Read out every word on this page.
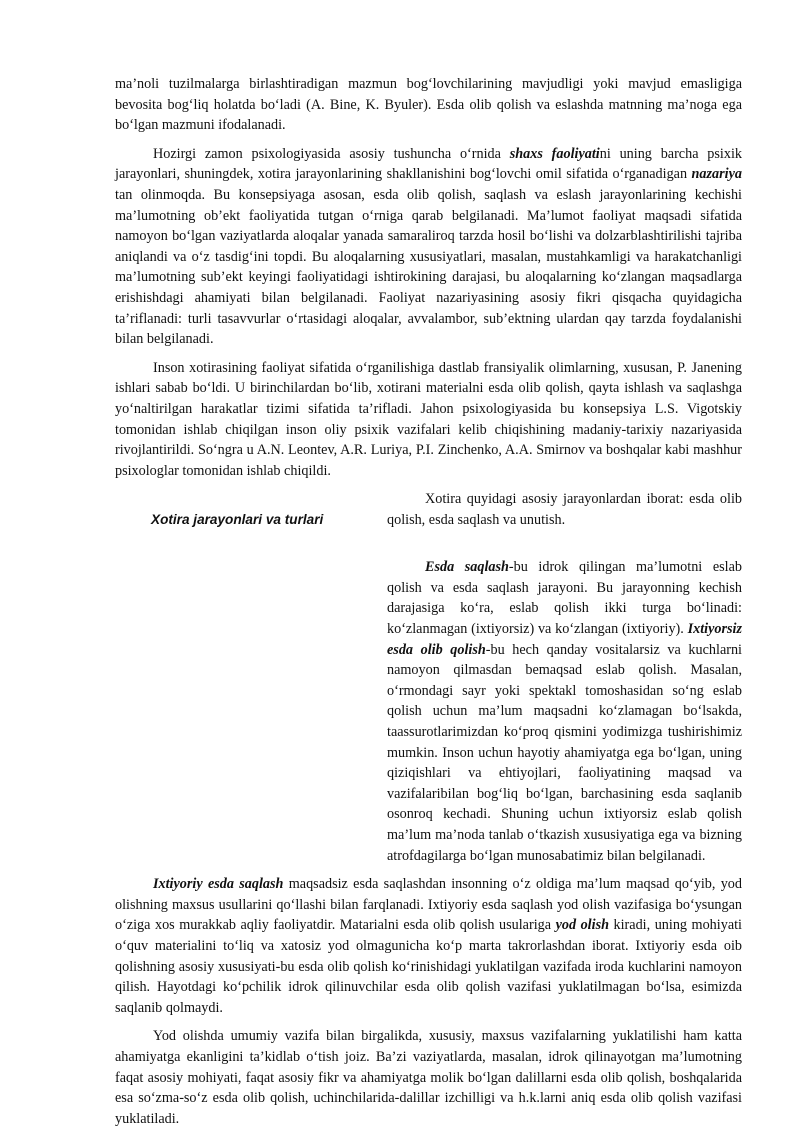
ma’noli tuzilmalarga birlashtiradigan mazmun bog‘lovchilarining mavjudligi yoki mavjud emasligiga bevosita bog‘liq holatda bo‘ladi (A. Bine, K. Byuler). Esda olib qolish va eslashda matnning ma’noga ega bo‘lgan mazmuni ifodalanadi.

Hozirgi zamon psixologiyasida asosiy tushuncha o‘rnida shaxs faoliyatini uning barcha psixik jarayonlari, shuningdek, xotira jarayonlarining shakllanishini bog‘lovchi omil sifatida o‘rganadigan nazariya tan olinmoqda. Bu konsepsiyaga asosan, esda olib qolish, saqlash va eslash jarayonlarining kechishi ma’lumotning ob’ekt faoliyatida tutgan o‘rniga qarab belgilanadi. Ma’lumot faoliyat maqsadi sifatida namoyon bo‘lgan vaziyatlarda aloqalar yanada samaraliroq tarzda hosil bo‘lishi va dolzarblashtirilishi tajriba aniqlandi va o‘z tasdig‘ini topdi. Bu aloqalarning xususiyatlari, masalan, mustahkamligi va harakatchanligi ma’lumotning sub’ekt keyingi faoliyatidagi ishtirokining darajasi, bu aloqalarning ko‘zlangan maqsadlarga erishishdagi ahamiyati bilan belgilanadi. Faoliyat nazariyasining asosiy fikri qisqacha quyidagicha ta’riflanadi: turli tasavvurlar o‘rtasidagi aloqalar, avvalambor, sub’ektning ulardan qay tarzda foydalanishi bilan belgilanadi.

Inson xotirasining faoliyat sifatida o‘rganilishiga dastlab fransiyalik olimlarning, xususan, P. Janening ishlari sabab bo‘ldi. U birinchilardan bo‘lib, xotirani materialni esda olib qolish, qayta ishlash va saqlashga yo‘naltirilgan harakatlar tizimi sifatida ta’rifladi. Jahon psixologiyasida bu konsepsiya L.S. Vigotskiy tomonidan ishlab chiqilgan inson oliy psixik vazifalari kelib chiqishining madaniy-tarixiy nazariyasida rivojlantirildi. So‘ngra u A.N. Leontev, A.R. Luriya, P.I. Zinchenko, A.A. Smirnov va boshqalar kabi mashhur psixologlar tomonidan ishlab chiqildi.

Xotira jarayonlari va turlari

Xotira quyidagi asosiy jarayonlardan iborat: esda olib qolish, esda saqlash va unutish.

Esda saqlash-bu idrok qilingan ma’lumotni eslab qolish va esda saqlash jarayoni. Bu jarayonning kechish darajasiga ko‘ra, eslab qolish ikki turga bo‘linadi: ko‘zlanmagan (ixtiyorsiz) va ko‘zlangan (ixtiyoriy). Ixtiyorsiz esda olib qolish-bu hech qanday vositalarsiz va kuchlarni namoyon qilmasdan bemaqsad eslab qolish. Masalan, o‘rmondagi sayr yoki spektakl tomoshasidan so‘ng eslab qolish uchun ma’lum maqsadni ko‘zlamagan bo‘lsakda, taassurotlarimizdan ko‘proq qismini yodimizga tushirishimiz mumkin. Inson uchun hayotiy ahamiyatga ega bo‘lgan, uning qiziqishlari va ehtiyojlari, faoliyatining maqsad va vazifalaribilan bog‘liq bo‘lgan, barchasining esda saqlanib osonroq kechadi. Shuning uchun ixtiyorsiz eslab qolish ma’lum ma’noda tanlab o‘tkazish xususiyatiga ega va bizning atrofdagilarga bo‘lgan munosabatimiz bilan belgilanadi.

Ixtiyoriy esda saqlash maqsadsiz esda saqlashdan insonning o‘z oldiga ma’lum maqsad qo‘yib, yod olishning maxsus usullarini qo‘llashi bilan farqlanadi. Ixtiyoriy esda saqlash yod olish vazifasiga bo‘ysungan o‘ziga xos murakkab aqliy faoliyatdir. Matarialni esda olib qolish usulariga yod olish kiradi, uning mohiyati o‘quv materialini to‘liq va xatosiz yod olmagunicha ko‘p marta takrorlashdan iborat. Ixtiyoriy esda oib qolishning asosiy xususiyati-bu esda olib qolish ko‘rinishidagi yuklatilgan vazifada iroda kuchlarini namoyon qilish. Hayotdagi ko‘pchilik idrok qilinuvchilar esda olib qolish vazifasi yuklatilmagan bo‘lsa, esimizda saqlanib qolmaydi.

Yod olishda umumiy vazifa bilan birgalikda, xususiy, maxsus vazifalarning yuklatilishi ham katta ahamiyatga ekanligini ta’kidlab o‘tish joiz. Ba’zi vaziyatlarda, masalan, idrok qilinayotgan ma’lumotning faqat asosiy mohiyati, faqat asosiy fikr va ahamiyatga molik bo‘lgan dalillarni esda olib qolish, boshqalarida esa so‘zma-so‘z esda olib qolish, uchinchilarida-dalillar izchilligi va h.k.larni aniq esda olib qolish vazifasi yuklatiladi.
